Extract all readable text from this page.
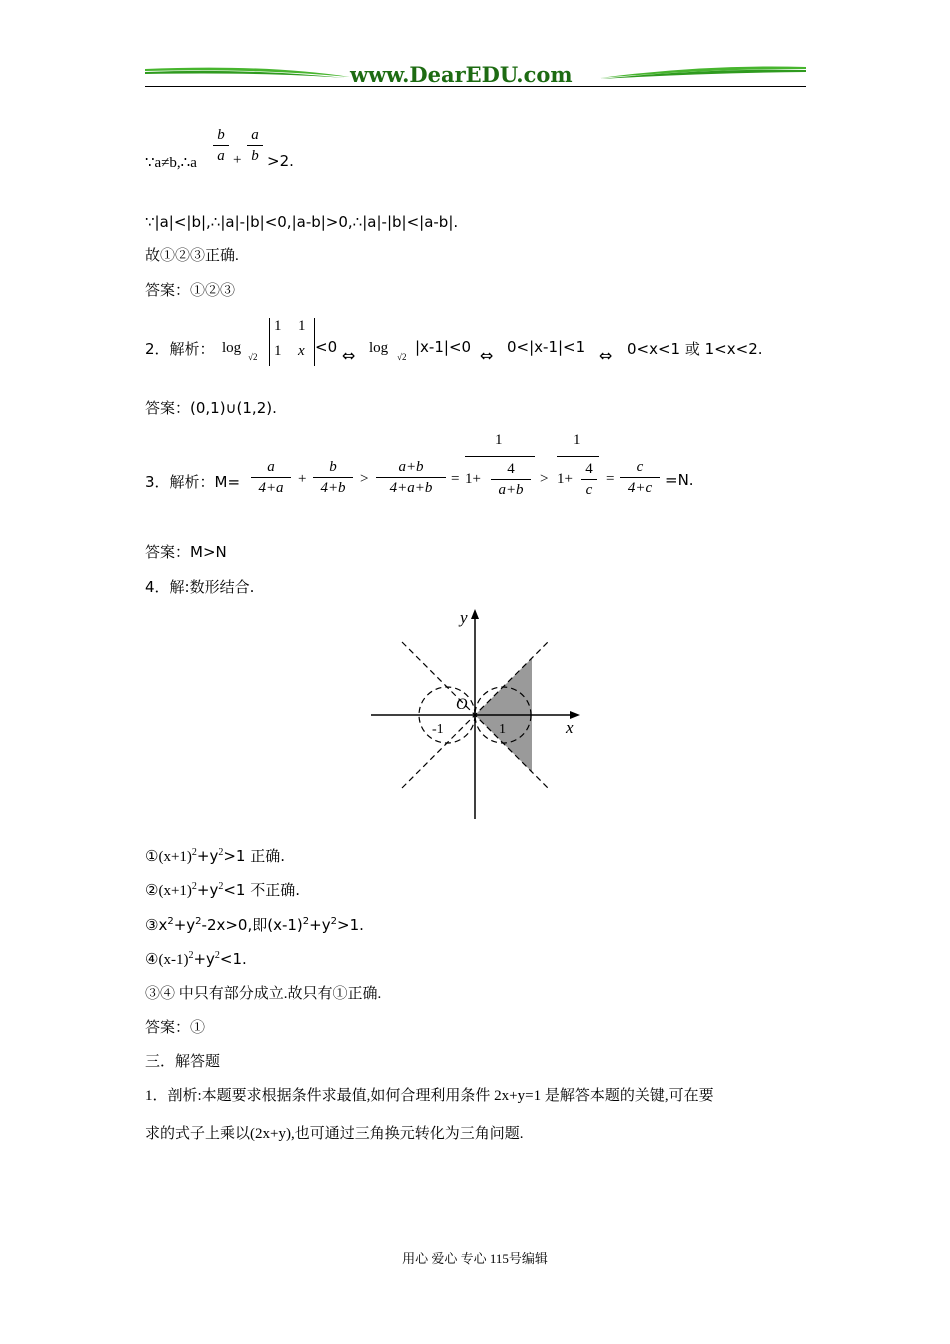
www.DearEDU.com
∵a≠b,∴a
b
a +
a
b >2.
∵|a|<|b|,∴|a|-|b|<0,|a-b|>0,∴|a|-|b|<|a-b|.
故①②③正确.
答案：①②③
2．解析： log
√2
1 1
1 x <0 ⇔ log
√2
|x-1|<0 ⇔ 0<|x-1|<1 ⇔ 0<x<1 或 1<x<2.
答案：(0,1)∪(1,2).
3．解析：M=
a
4+a
+
b
4+b
>
a+b
4+a+b
=
1
1+
4
a+b
>
1
1+
4
c
=
c
4+c =N.
答案：M>N
4．解:数形结合.
y
x
O
-1	1
$①(x+1)^2+y^2>1$ 正确.
$②(x+1)^2+y^2<1$ 不正确.
$③x^2+y^2-2x>0$,即$(x-1)^2+y^2>1$.
$④(x-1)^2+y^2<1$.
③④ 中只有部分成立.故只有①正确.
答案：①
三．解答题
1．剖析:本题要求根据条件求最值,如何合理利用条件 2x+y=1 是解答本题的关键,可在要
求的式子上乘以(2x+y),也可通过三角换元转化为三角问题.
用心 爱心 专心 115号编辑
